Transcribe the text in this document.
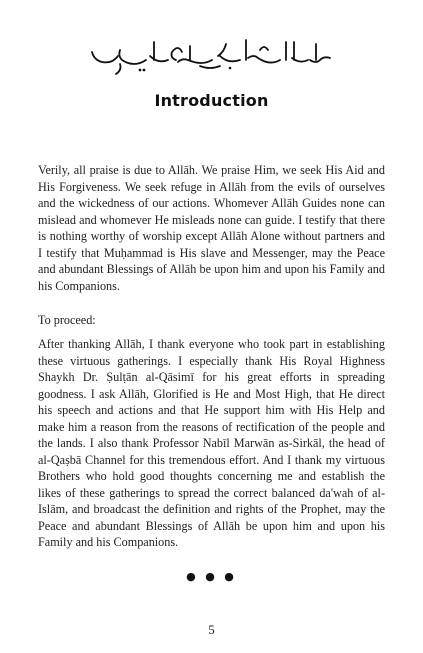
Introduction

Verily, all praise is due to Allāh. We praise Him, we seek His Aid and His Forgiveness. We seek refuge in Allāh from the evils of ourselves and the wickedness of our actions. Whomever Allāh Guides none can mislead and whomever He misleads none can guide. I testify that there is nothing worthy of worship except Allāh Alone without partners and I testify that Muḥammad is His slave and Messenger, may the Peace and abundant Blessings of Allāh be upon him and upon his Family and his Companions.

To proceed:

After thanking Allāh, I thank everyone who took part in establishing these virtuous gatherings. I especially thank His Royal Highness Shaykh Dr. Ṣulṭān al-Qāsimī for his great efforts in spreading goodness. I ask Allāh, Glorified is He and Most High, that He direct his speech and actions and that He support him with His Help and make him a reason from the reasons of rectification of the people and the lands. I also thank Professor Nabīl Marwān as-Sirkāl, the head of al-Qaṣbā Channel for this tremendous effort. And I thank my virtuous Brothers who hold good thoughts concerning me and establish the likes of these gatherings to spread the correct balanced da'wah of al-Islām, and broadcast the definition and rights of the Prophet, may the Peace and abundant Blessings of Allāh be upon him and upon his Family and his Companions.

● ● ●
5
